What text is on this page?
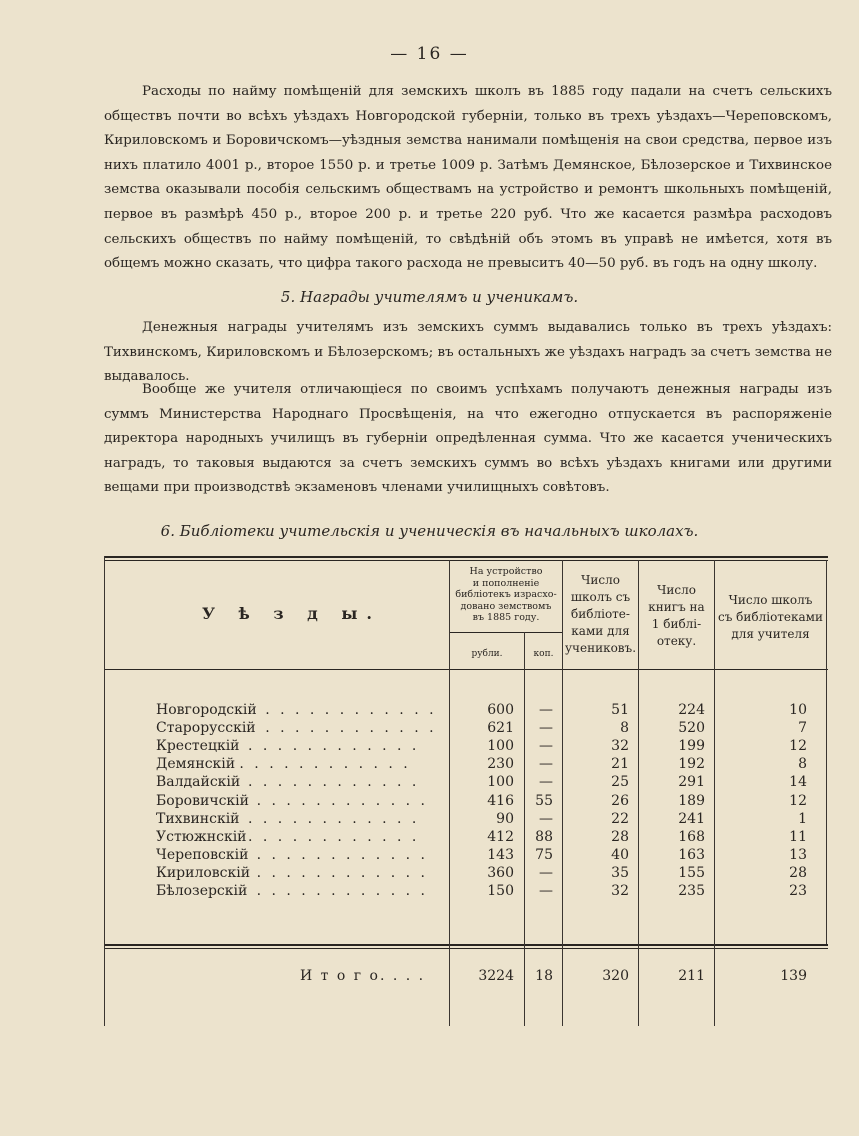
— 16 —

Расходы по найму помѣщеній для земскихъ школъ въ 1885 году падали на счетъ сельскихъ обществъ почти во всѣхъ уѣздахъ Новгородской губерніи, только въ трехъ уѣздахъ—Череповскомъ, Кириловскомъ и Боровичскомъ—уѣздныя земства нанимали помѣщенія на свои средства, первое изъ нихъ платило 4001 р., второе 1550 р. и третье 1009 р. Затѣмъ Демянское, Бѣлозерское и Тихвинское земства оказывали пособія сельскимъ обществамъ на устройство и ремонтъ школьныхъ помѣщеній, первое въ размѣрѣ 450 р., второе 200 р. и третье 220 руб. Что же касается размѣра расходовъ сельскихъ обществъ по найму помѣщеній, то свѣдѣній объ этомъ въ управѣ не имѣется, хотя въ общемъ можно сказать, что цифра такого расхода не превыситъ 40—50 руб. въ годъ на одну школу.

5. Награды учителямъ и ученикамъ.

Денежныя награды учителямъ изъ земскихъ суммъ выдавались только въ трехъ уѣздахъ: Тихвинскомъ, Кириловскомъ и Бѣлозерскомъ; въ остальныхъ же уѣздахъ наградъ за счетъ земства не выдавалось.

Вообще же учителя отличающіеся по своимъ успѣхамъ получаютъ денежныя награды изъ суммъ Министерства Народнаго Просвѣщенія, на что ежегодно отпускается въ распоряженіе директора народныхъ училищъ въ губерніи опредѣленная сумма. Что же касается ученическихъ наградъ, то таковыя выдаются за счетъ земскихъ суммъ во всѣхъ уѣздахъ книгами или другими вещами при производствѣ экзаменовъ членами училищныхъ совѣтовъ.

6. Библіотеки учительскія и ученическія въ начальныхъ школахъ.

У ѣ з д ы.
На устройство
и пополненіе
библіотекъ израсхо-
довано земствомъ
въ 1885 году.
рубли.	коп.
Число
школъ съ
библіоте-
ками для
учениковъ.
Число
книгъ на
1 библі-
отеку.
Число школъ
съ библіотеками
для учителя
Новгородскій . . . . . . . . . . . .	600	—	51	224	10
Старорусскій . . . . . . . . . . . .	621	—	8	520	7
Крестецкій . . . . . . . . . . . .	100	—	32	199	12
Демянскій . . . . . . . . . . . .	230	—	21	192	8
Валдайскій . . . . . . . . . . . .	100	—	25	291	14
Боровичскій . . . . . . . . . . . .	416	55	26	189	12
Тихвинскій . . . . . . . . . . . .	90	—	22	241	1
Устюжнскій . . . . . . . . . . . .	412	88	28	168	11
Череповскій . . . . . . . . . . . .	143	75	40	163	13
Кириловскій . . . . . . . . . . . .	360	—	35	155	28
Бѣлозерскій . . . . . . . . . . . .	150	—	32	235	23
И т о г о. . . .	3224	18	320	211	139
